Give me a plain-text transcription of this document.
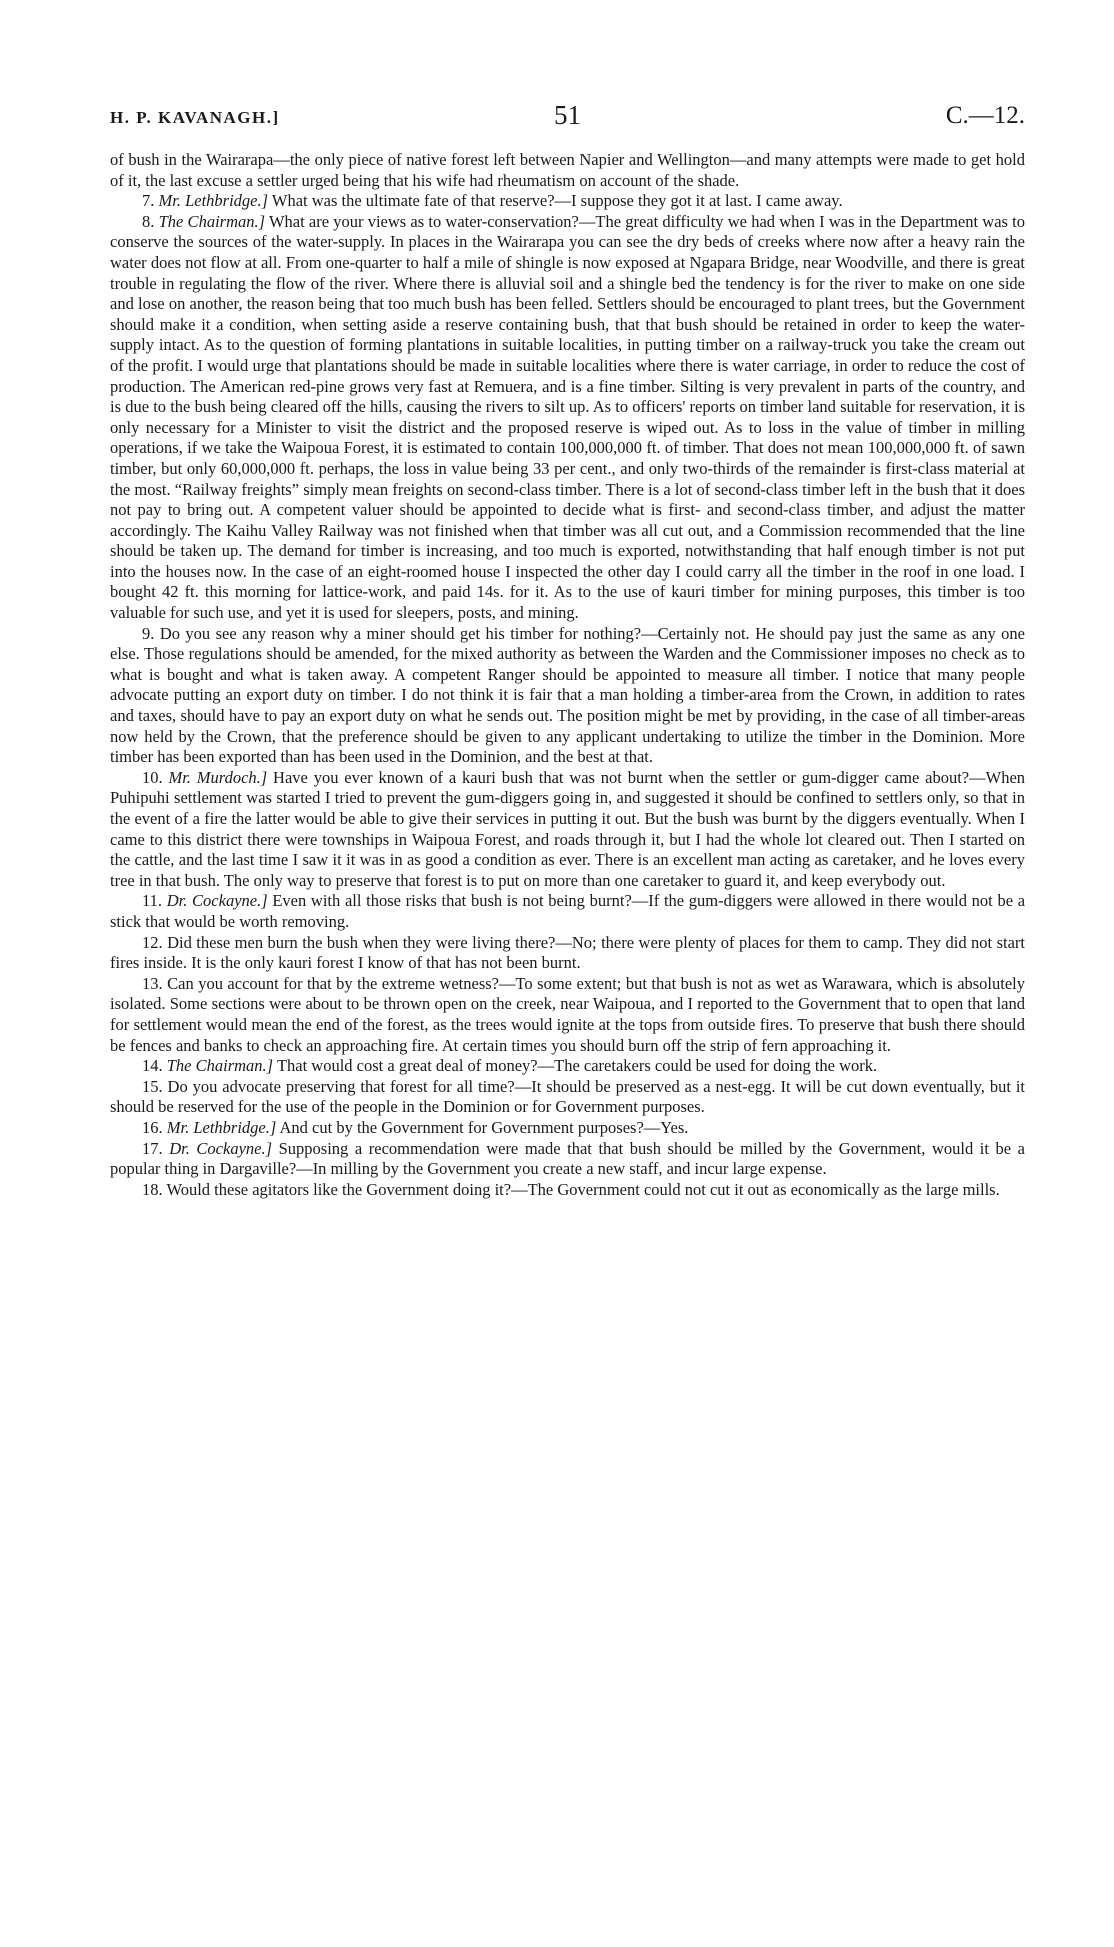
H. P. KAVANAGH.]	51	C.—12.

of bush in the Wairarapa—the only piece of native forest left between Napier and Wellington—and many attempts were made to get hold of it, the last excuse a settler urged being that his wife had rheumatism on account of the shade.

7. Mr. Lethbridge.] What was the ultimate fate of that reserve?—I suppose they got it at last. I came away.

8. The Chairman.] What are your views as to water-conservation?—The great difficulty we had when I was in the Department was to conserve the sources of the water-supply. In places in the Wairarapa you can see the dry beds of creeks where now after a heavy rain the water does not flow at all. From one-quarter to half a mile of shingle is now exposed at Ngapara Bridge, near Woodville, and there is great trouble in regulating the flow of the river. Where there is alluvial soil and a shingle bed the tendency is for the river to make on one side and lose on another, the reason being that too much bush has been felled. Settlers should be encouraged to plant trees, but the Government should make it a condition, when setting aside a reserve containing bush, that that bush should be retained in order to keep the water-supply intact. As to the question of forming plantations in suitable localities, in putting timber on a railway-truck you take the cream out of the profit. I would urge that plantations should be made in suitable localities where there is water carriage, in order to reduce the cost of production. The American red-pine grows very fast at Remuera, and is a fine timber. Silting is very prevalent in parts of the country, and is due to the bush being cleared off the hills, causing the rivers to silt up. As to officers' reports on timber land suitable for reservation, it is only necessary for a Minister to visit the district and the proposed reserve is wiped out. As to loss in the value of timber in milling operations, if we take the Waipoua Forest, it is estimated to contain 100,000,000 ft. of timber. That does not mean 100,000,000 ft. of sawn timber, but only 60,000,000 ft. perhaps, the loss in value being 33 per cent., and only two-thirds of the remainder is first-class material at the most. “Railway freights” simply mean freights on second-class timber. There is a lot of second-class timber left in the bush that it does not pay to bring out. A competent valuer should be appointed to decide what is first- and second-class timber, and adjust the matter accordingly. The Kaihu Valley Railway was not finished when that timber was all cut out, and a Commission recommended that the line should be taken up. The demand for timber is increasing, and too much is exported, notwithstanding that half enough timber is not put into the houses now. In the case of an eight-roomed house I inspected the other day I could carry all the timber in the roof in one load. I bought 42 ft. this morning for lattice-work, and paid 14s. for it. As to the use of kauri timber for mining purposes, this timber is too valuable for such use, and yet it is used for sleepers, posts, and mining.

9. Do you see any reason why a miner should get his timber for nothing?—Certainly not. He should pay just the same as any one else. Those regulations should be amended, for the mixed authority as between the Warden and the Commissioner imposes no check as to what is bought and what is taken away. A competent Ranger should be appointed to measure all timber. I notice that many people advocate putting an export duty on timber. I do not think it is fair that a man holding a timber-area from the Crown, in addition to rates and taxes, should have to pay an export duty on what he sends out. The position might be met by providing, in the case of all timber-areas now held by the Crown, that the preference should be given to any applicant undertaking to utilize the timber in the Dominion. More timber has been exported than has been used in the Dominion, and the best at that.

10. Mr. Murdoch.] Have you ever known of a kauri bush that was not burnt when the settler or gum-digger came about?—When Puhipuhi settlement was started I tried to prevent the gum-diggers going in, and suggested it should be confined to settlers only, so that in the event of a fire the latter would be able to give their services in putting it out. But the bush was burnt by the diggers eventually. When I came to this district there were townships in Waipoua Forest, and roads through it, but I had the whole lot cleared out. Then I started on the cattle, and the last time I saw it it was in as good a condition as ever. There is an excellent man acting as caretaker, and he loves every tree in that bush. The only way to preserve that forest is to put on more than one caretaker to guard it, and keep everybody out.

11. Dr. Cockayne.] Even with all those risks that bush is not being burnt?—If the gum-diggers were allowed in there would not be a stick that would be worth removing.

12. Did these men burn the bush when they were living there?—No; there were plenty of places for them to camp. They did not start fires inside. It is the only kauri forest I know of that has not been burnt.

13. Can you account for that by the extreme wetness?—To some extent; but that bush is not as wet as Warawara, which is absolutely isolated. Some sections were about to be thrown open on the creek, near Waipoua, and I reported to the Government that to open that land for settlement would mean the end of the forest, as the trees would ignite at the tops from outside fires. To preserve that bush there should be fences and banks to check an approaching fire. At certain times you should burn off the strip of fern approaching it.

14. The Chairman.] That would cost a great deal of money?—The caretakers could be used for doing the work.

15. Do you advocate preserving that forest for all time?—It should be preserved as a nest-egg. It will be cut down eventually, but it should be reserved for the use of the people in the Dominion or for Government purposes.

16. Mr. Lethbridge.] And cut by the Government for Government purposes?—Yes.

17. Dr. Cockayne.] Supposing a recommendation were made that that bush should be milled by the Government, would it be a popular thing in Dargaville?—In milling by the Government you create a new staff, and incur large expense.

18. Would these agitators like the Government doing it?—The Government could not cut it out as economically as the large mills.
